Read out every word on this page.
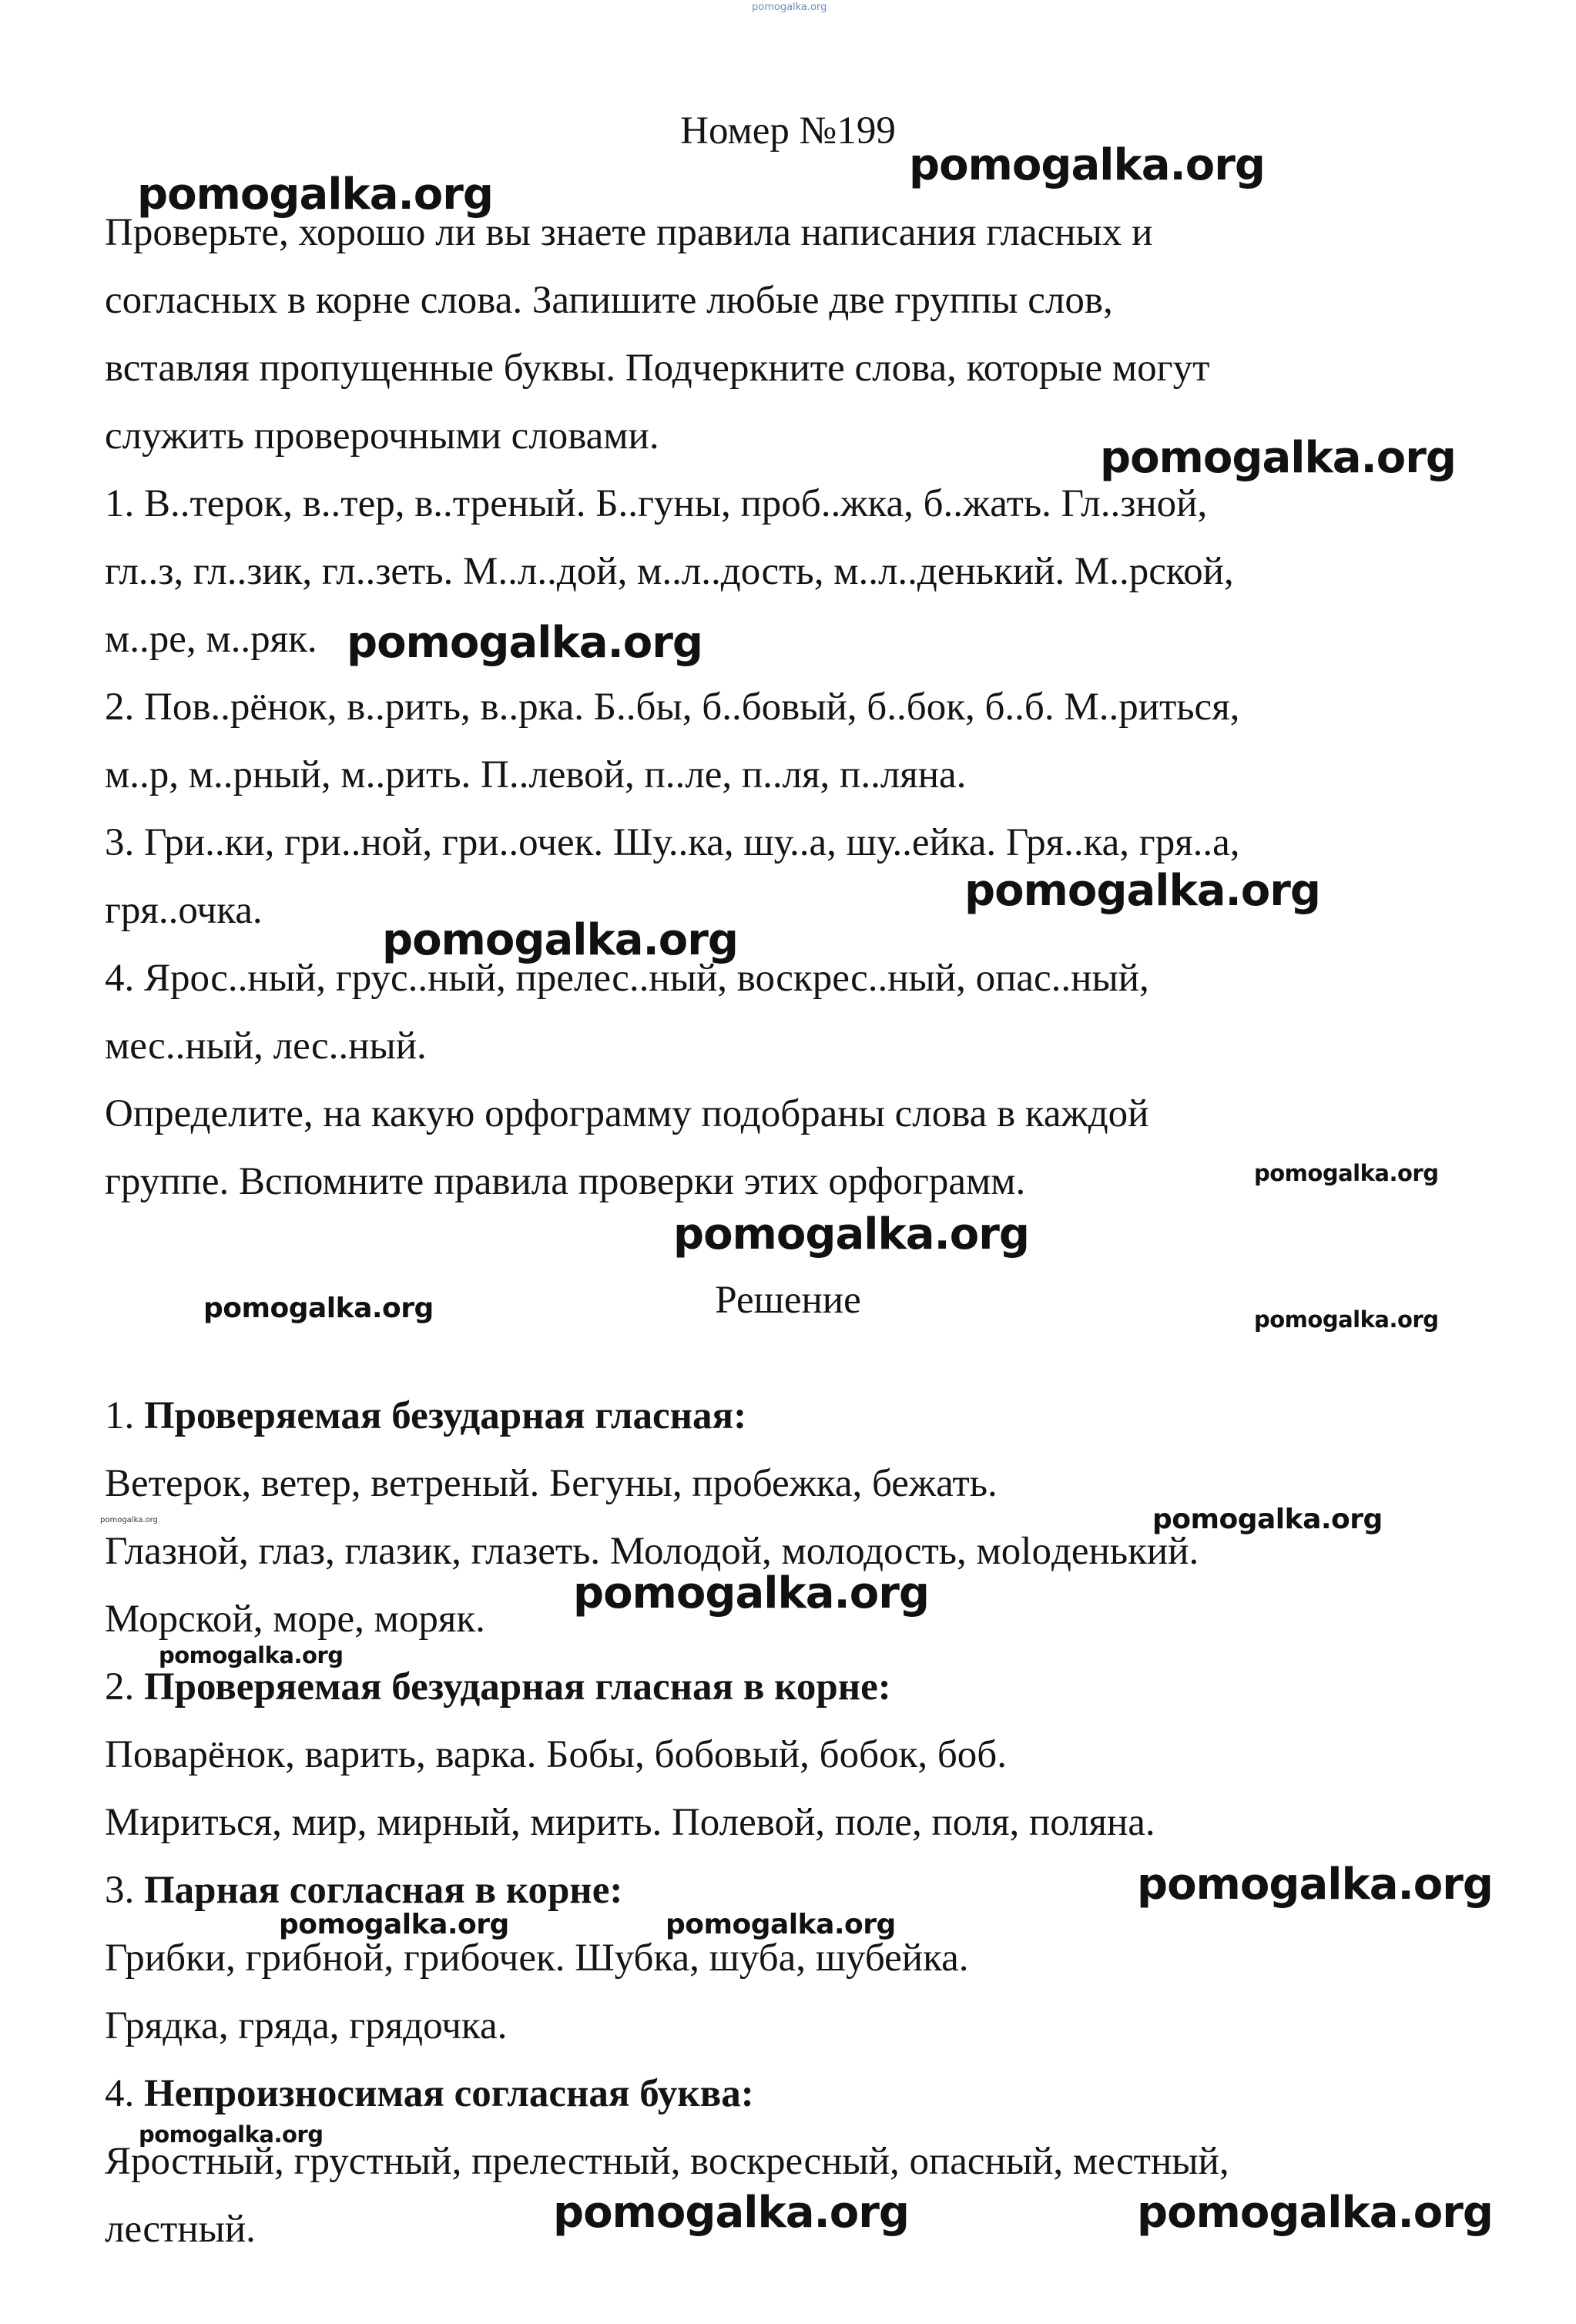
pomogalka.org
Номер №199
Проверьте, хорошо ли вы знаете правила написания гласных и
согласных в корне слова. Запишите любые две группы слов,
вставляя пропущенные буквы. Подчеркните слова, которые могут
служить проверочными словами.
1. В..терок, в..тер, в..треный. Б..гуны, проб..жка, б..жать. Гл..зной,
гл..з, гл..зик, гл..зеть. М..л..дой, м..л..дость, м..л..денький. М..рской,
м..ре, м..ряк.
2. Пов..рёнок, в..рить, в..рка. Б..бы, б..бовый, б..бок, б..б. М..риться,
м..р, м..рный, м..рить. П..левой, п..ле, п..ля, п..ляна.
3. Гри..ки, гри..ной, гри..очек. Шу..ка, шу..а, шу..ейка. Гря..ка, гря..а,
гря..очка.
4. Ярос..ный, грус..ный, прелес..ный, воскрес..ный, опас..ный,
мес..ный, лес..ный.
Определите, на какую орфограмму подобраны слова в каждой
группе. Вспомните правила проверки этих орфограмм.
Решение
1. Проверяемая безударная гласная:
Ветерок, ветер, ветреный. Бегуны, пробежка, бежать.
Глазной, глаз, глазик, глазеть. Молодой, молодость, моloденький.
Морской, море, моряк.
2. Проверяемая безударная гласная в корне:
Поварёнок, варить, варка. Бобы, бобовый, бобок, боб.
Мириться, мир, мирный, мирить. Полевой, поле, поля, поляна.
3. Парная согласная в корне:
Грибки, грибной, грибочек. Шубка, шуба, шубейка.
Грядка, гряда, грядочка.
4. Непроизносимая согласная буква:
Яростный, грустный, прелестный, воскресный, опасный, местный,
лестный.
pomogalka.org
pomogalka.org
pomogalka.org
pomogalka.org
pomogalka.org
pomogalka.org
pomogalka.org
pomogalka.org
pomogalka.org	pomogalka.org
pomogalka.org	pomogalka.org
pomogalka.org
pomogalka.org
pomogalka.org
pomogalka.org	pomogalka.org
pomogalka.org
pomogalka.org	pomogalka.org
